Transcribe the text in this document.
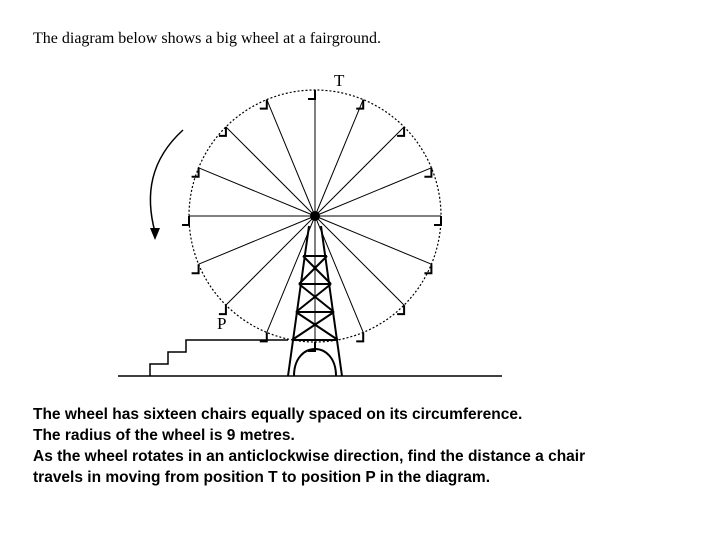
The diagram below shows a big wheel at a fairground.

T
P

The wheel has sixteen chairs equally spaced on its circumference.

The radius of the wheel is 9 metres.

As the wheel rotates in an anticlockwise direction, find the distance a chair

travels in moving from position T to position P in the diagram.
